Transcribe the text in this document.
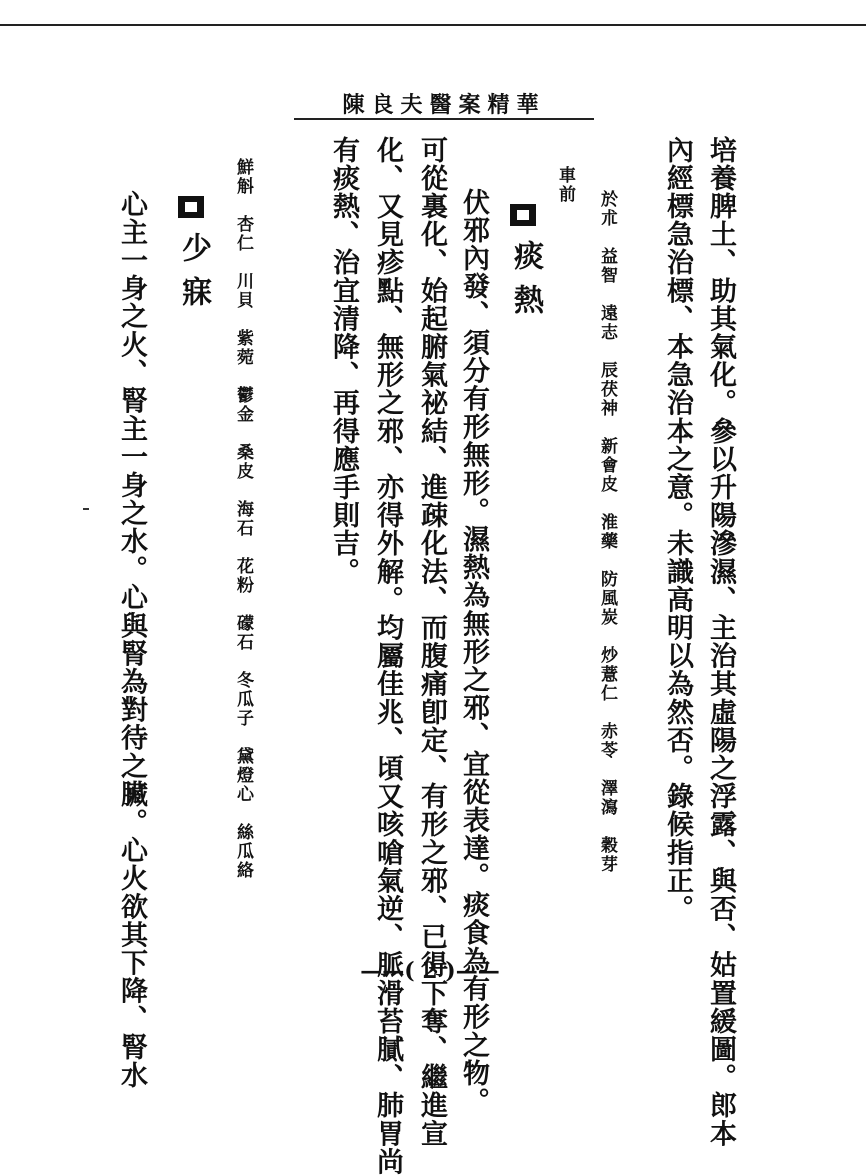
陳良夫醫案精華
培養脾土、助其氣化。參以升陽滲濕、主治其虛陽之浮露、與否、姑置緩圖。郎本
內經標急治標、本急治本之意。未識高明以為然否。錄候指正。
於朮　益智　遠志　辰茯神　新會皮　淮藥　防風炭　炒薏仁　赤苓　澤瀉　穀芽
車前
痰熱
伏邪內發、須分有形無形。濕熱為無形之邪、宜從表達。痰食為有形之物。
可從裏化、始起腑氣祕結、進疎化法、而腹痛卽定、有形之邪、已得下奪、繼進宣
化、又見疹點、無形之邪、亦得外解。均屬佳兆、頃又咳嗆氣逆、脈滑苔膩、肺胃尚
有痰熱、治宜清降、再得應手則吉。
鮮斛　杏仁　川貝　紫菀　鬱金　桑皮　海石　花粉　礞石　冬瓜子　黛燈心　絲瓜絡
少寐
心主一身之火、腎主一身之水。心與腎為對待之臟。心火欲其下降、腎水	——( 2 )——
